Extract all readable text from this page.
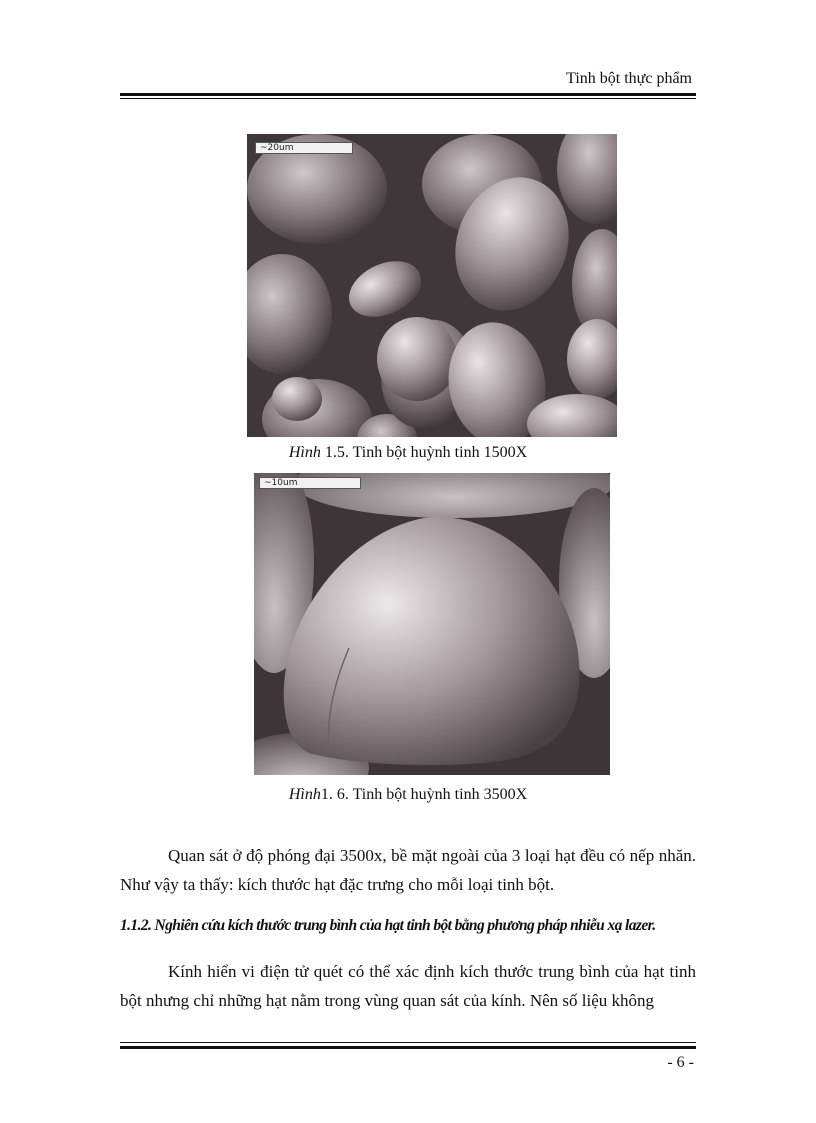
Tinh bột thực phẩm
~20um
Hình 1.5. Tinh bột huỳnh tinh 1500X
~10um
Hình1. 6. Tinh bột huỳnh tinh 3500X
Quan sát ở độ phóng đại 3500x, bề mặt ngoài của 3 loại hạt đều có nếp nhăn. Như vậy ta thấy: kích thước hạt đặc trưng cho mỗi loại tinh bột.
1.1.2. Nghiên cứu kích thước trung bình của hạt tinh bột bằng phương pháp nhiễu xạ lazer.
Kính hiển vi điện tử quét có thể xác định kích thước trung bình của hạt tinh bột nhưng chỉ những hạt nằm trong vùng quan sát của kính. Nên số liệu không
- 6 -
